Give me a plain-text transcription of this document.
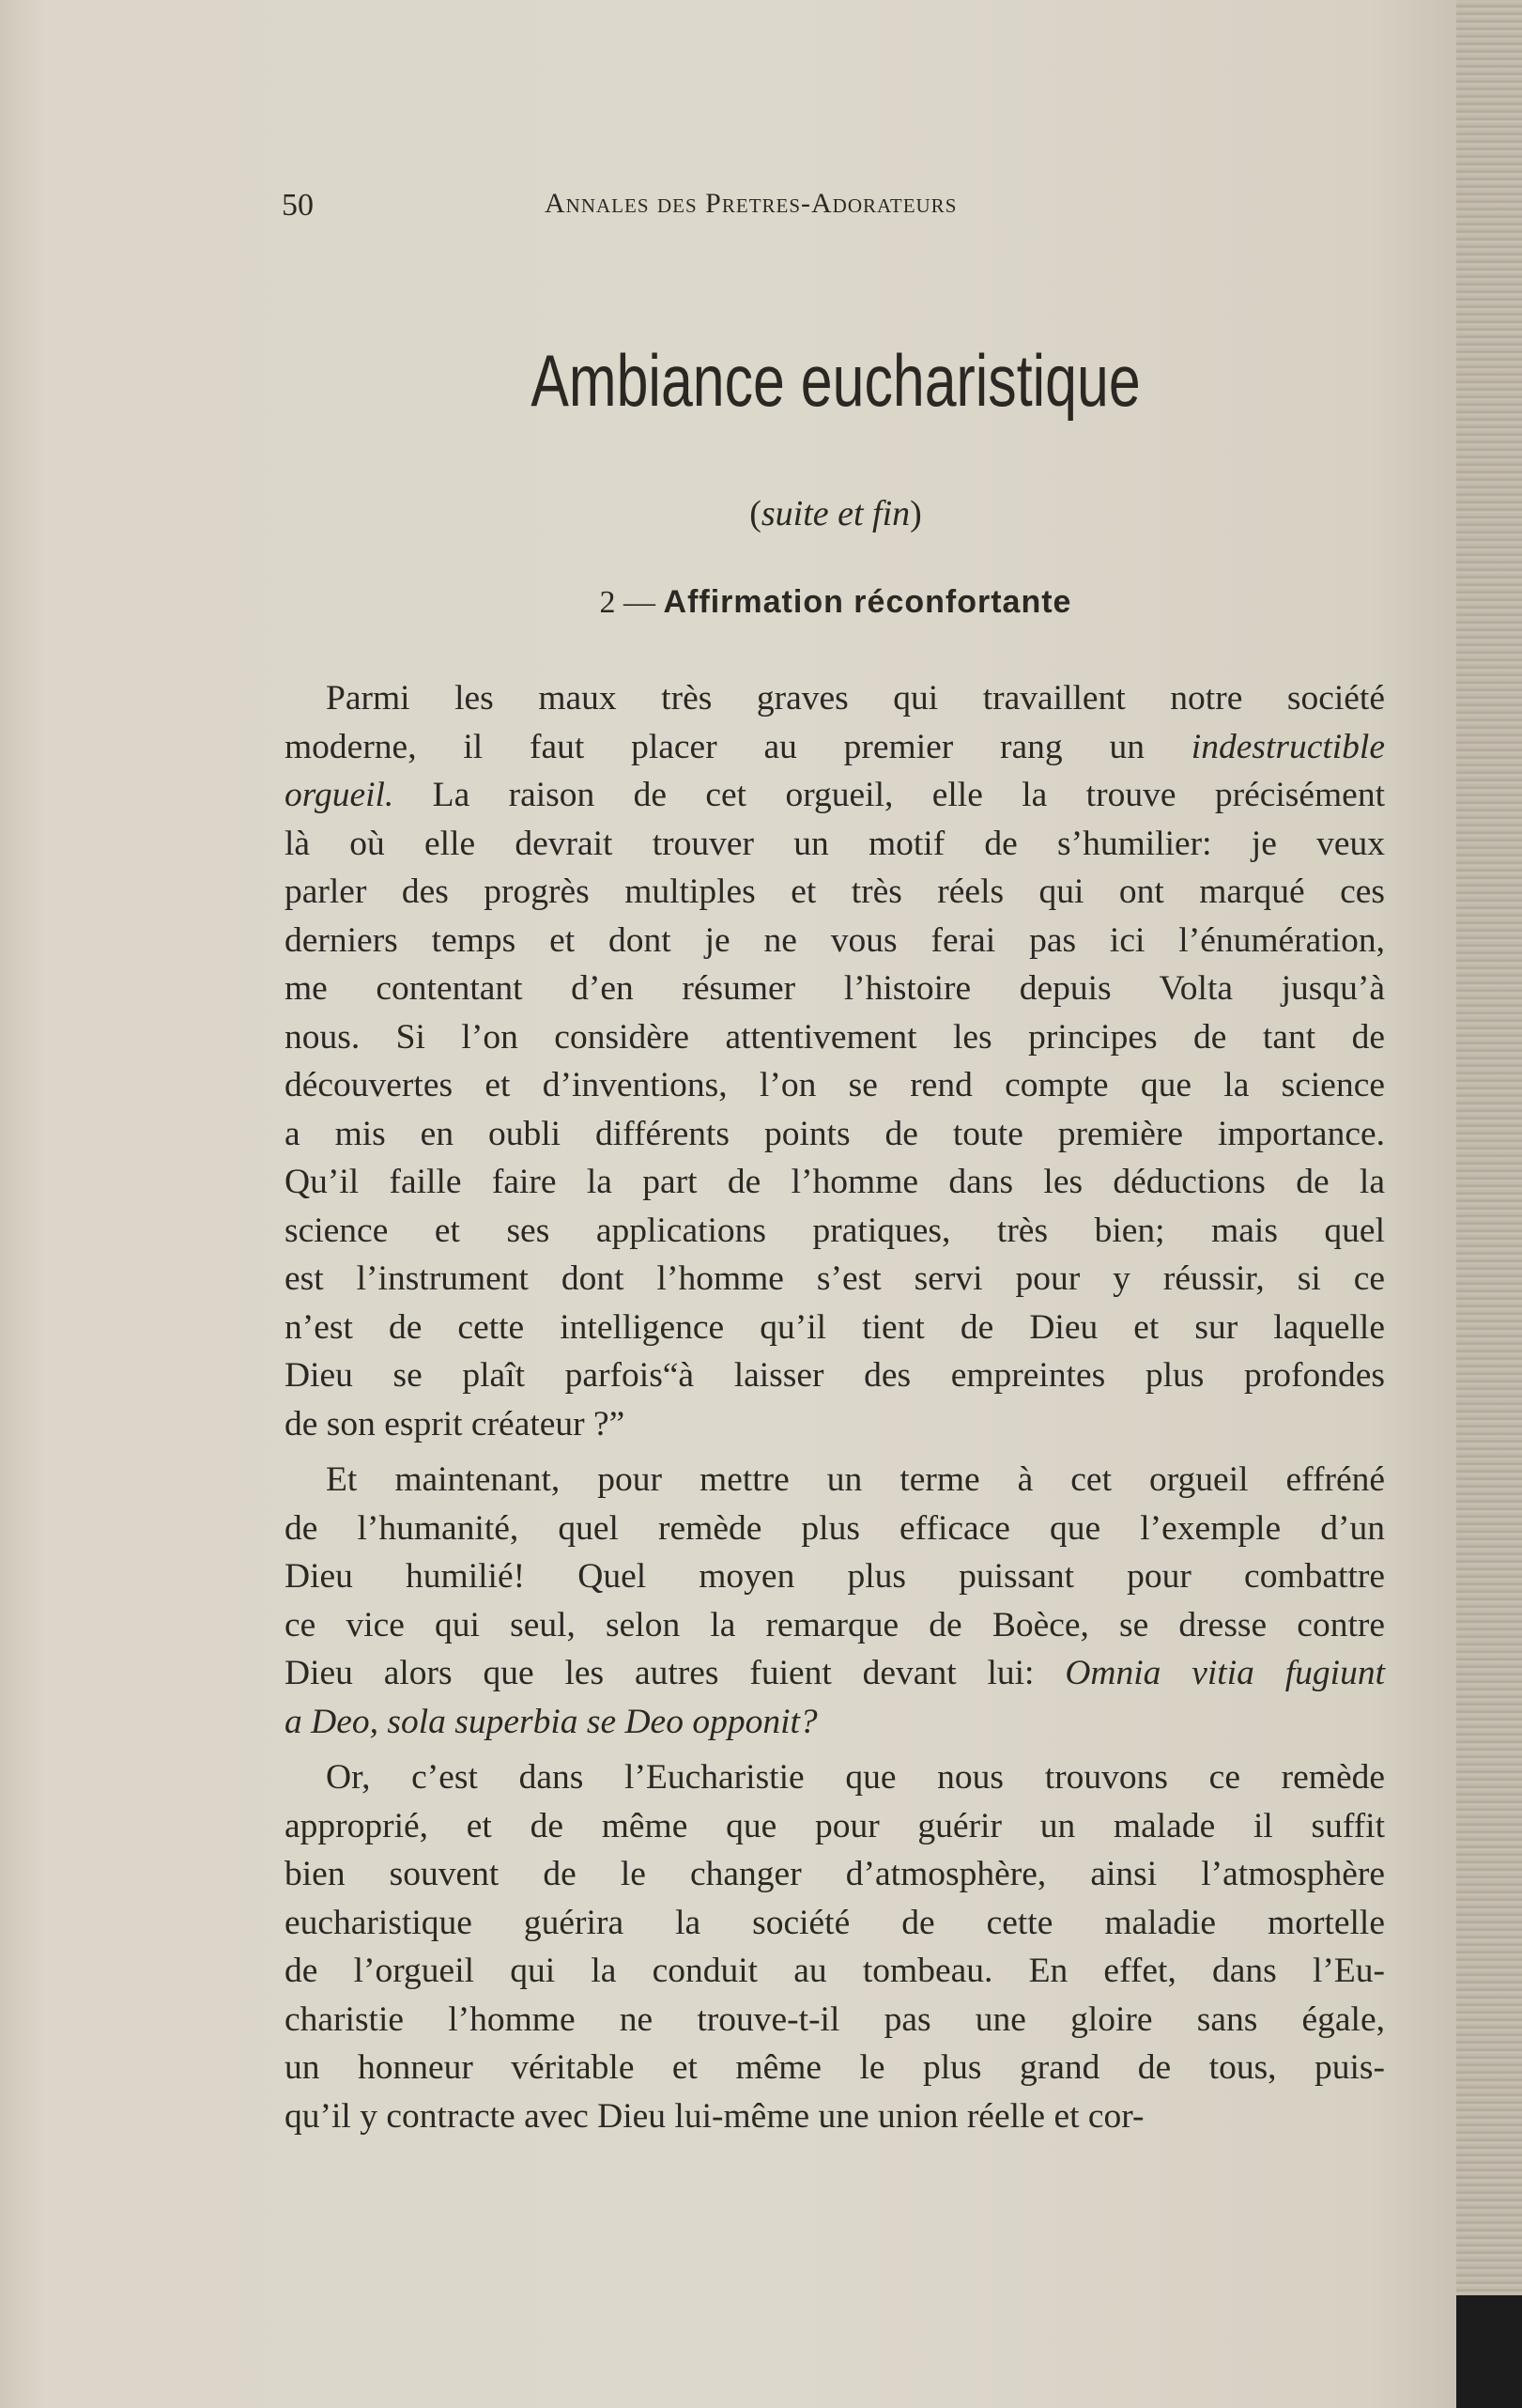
50	Annales des Pretres-Adorateurs
Ambiance eucharistique
(suite et fin)
2 — Affirmation réconfortante
Parmi les maux très graves qui travaillent notre société
moderne, il faut placer au premier rang un indestructible
orgueil. La raison de cet orgueil, elle la trouve précisément
là où elle devrait trouver un motif de s’humilier: je veux
parler des progrès multiples et très réels qui ont marqué ces
derniers temps et dont je ne vous ferai pas ici l’énumération,
me contentant d’en résumer l’histoire depuis Volta jusqu’à
nous. Si l’on considère attentivement les principes de tant de
découvertes et d’inventions, l’on se rend compte que la science
a mis en oubli différents points de toute première importance.
Qu’il faille faire la part de l’homme dans les déductions de la
science et ses applications pratiques, très bien; mais quel
est l’instrument dont l’homme s’est servi pour y réussir, si ce
n’est de cette intelligence qu’il tient de Dieu et sur laquelle
Dieu se plaît parfois“à laisser des empreintes plus profondes
de son esprit créateur ?”
Et maintenant, pour mettre un terme à cet orgueil effréné
de l’humanité, quel remède plus efficace que l’exemple d’un
Dieu humilié! Quel moyen plus puissant pour combattre
ce vice qui seul, selon la remarque de Boèce, se dresse contre
Dieu alors que les autres fuient devant lui: Omnia vitia fugiunt
a Deo, sola superbia se Deo opponit?
Or, c’est dans l’Eucharistie que nous trouvons ce remède
approprié, et de même que pour guérir un malade il suffit
bien souvent de le changer d’atmosphère, ainsi l’atmosphère
eucharistique guérira la société de cette maladie mortelle
de l’orgueil qui la conduit au tombeau. En effet, dans l’Eu-
charistie l’homme ne trouve-t-il pas une gloire sans égale,
un honneur véritable et même le plus grand de tous, puis-
qu’il y contracte avec Dieu lui-même une union réelle et cor-
